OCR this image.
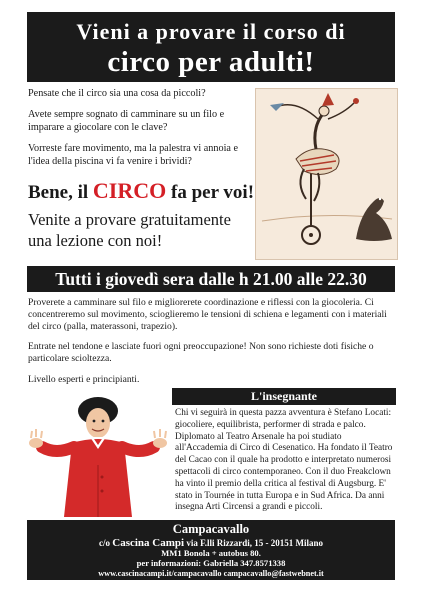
Vieni a provare il corso di
circo per adulti!

Pensate che il circo sia una cosa da piccoli?

Avete sempre sognato di camminare su un filo e imparare a giocolare con le clave?

Vorreste fare movimento, ma la palestra vi annoia e l'idea della piscina vi fa venire i brividi?

Bene, il CIRCO fa per voi!
Venite a provare gratuitamente una lezione con noi!
Tutti i giovedì sera dalle h 21.00 alle 22.30

Proverete a camminare sul filo e migliorerete coordinazione e riflessi con la giocoleria. Ci concentreremo sul movimento, scioglieremo le tensioni di schiena e legamenti con i materiali del circo (palla, materassoni, trapezio).

Entrate nel tendone e lasciate fuori ogni preoccupazione! Non sono richieste doti fisiche o particolare scioltezza.

Livello esperti e principianti.

L'insegnante
Chi vi seguirà in questa pazza avventura è Stefano Locati: giocoliere, equilibrista, performer di strada e palco. Diplomato al Teatro Arsenale ha poi studiato all'Accademia di Circo di Cesenatico. Ha fondato il Teatro del Cacao con il quale ha prodotto e interpretato numerosi spettacoli di circo contemporaneo. Con il duo Freakclown ha vinto il premio della critica al festival di Augsburg. E' stato in Tournée in tutta Europa e in Sud Africa. Da anni insegna Arti Circensi a grandi e piccoli.
Campacavallo
c/o Cascina Campi via F.lli Rizzardi, 15 - 20151 Milano
MM1 Bonola + autobus 80.
per informazioni: Gabriella 347.8571338
www.cascinacampi.it/campacavallo campacavallo@fastwebnet.it
